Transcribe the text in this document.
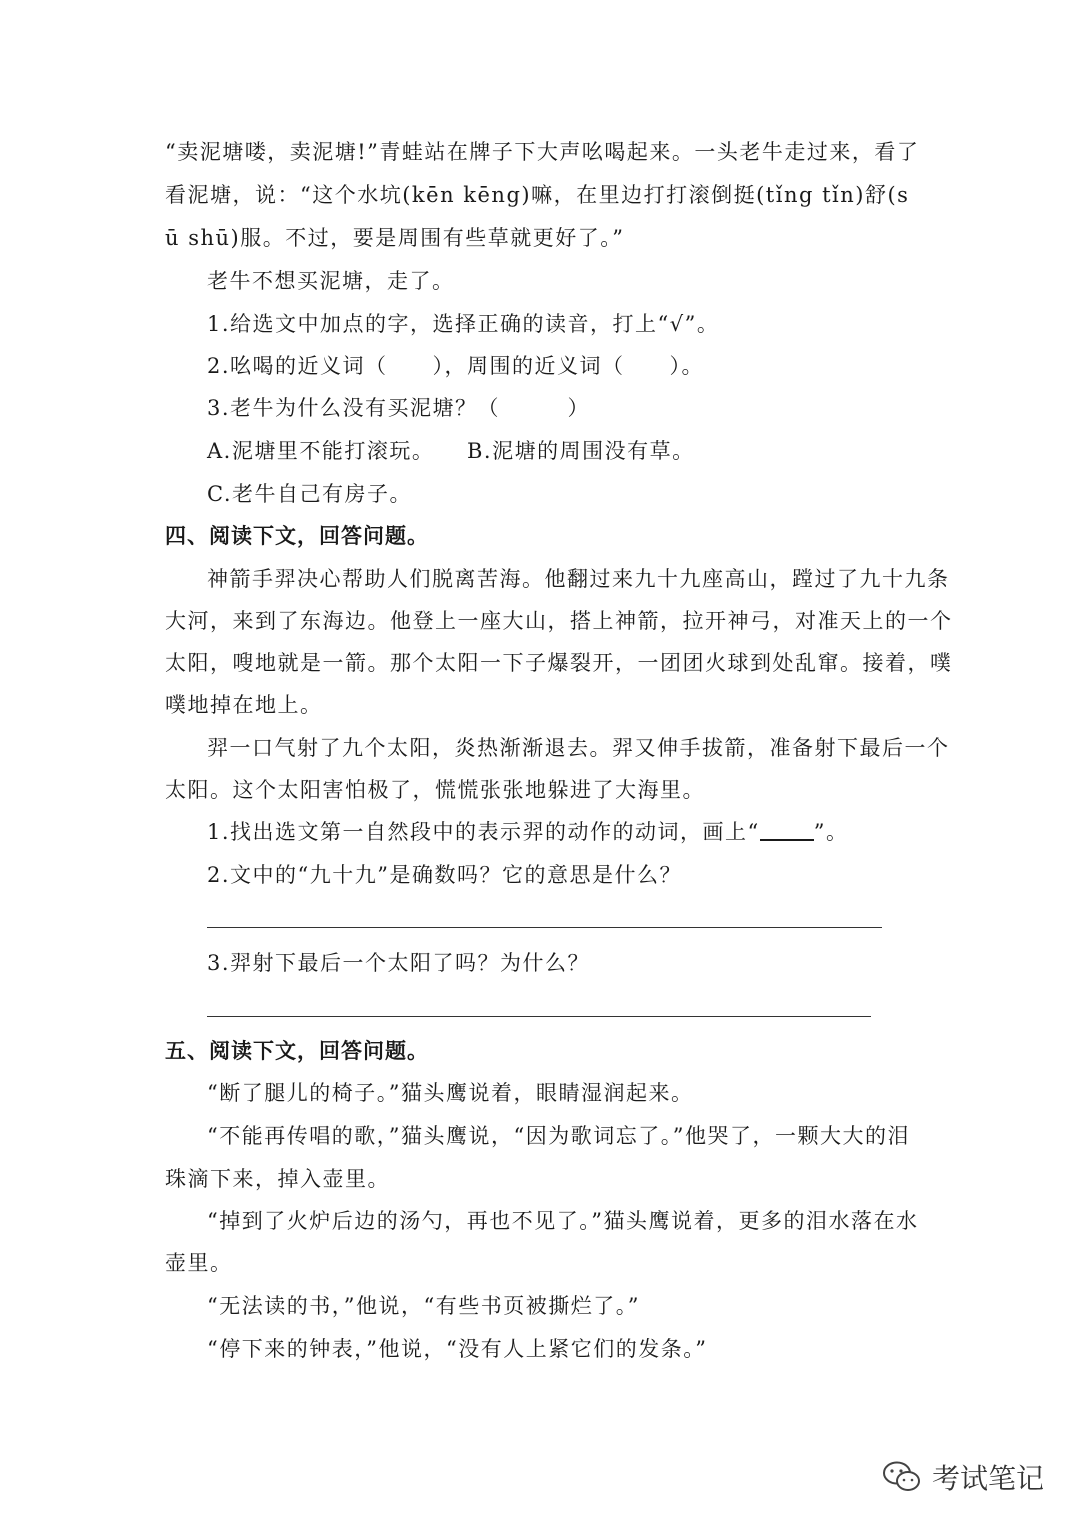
“卖泥塘喽，卖泥塘!”青蛙站在牌子下大声吆喝起来。一头老牛走过来，看了
看泥塘，说：“这个水坑(kēn kēng)嘛，在里边打打滚倒挺(tǐng tǐn)舒(s
ū shū)服。不过，要是周围有些草就更好了。”
老牛不想买泥塘，走了。
1.给选文中加点的字，选择正确的读音，打上“√”。
2.吆喝的近义词（　　），周围的近义词（　　）。
3.老牛为什么没有买泥塘？（　　　）
A.泥塘里不能打滚玩。 B.泥塘的周围没有草。
C.老牛自己有房子。
四、阅读下文，回答问题。
神箭手羿决心帮助人们脱离苦海。他翻过来九十九座高山，蹚过了九十九条
大河，来到了东海边。他登上一座大山，搭上神箭，拉开神弓，对准天上的一个
太阳，嗖地就是一箭。那个太阳一下子爆裂开，一团团火球到处乱窜。接着，噗
噗地掉在地上。
羿一口气射了九个太阳，炎热渐渐退去。羿又伸手拔箭，准备射下最后一个
太阳。这个太阳害怕极了，慌慌张张地躲进了大海里。
1.找出选文第一自然段中的表示羿的动作的动词，画上“	”。
2.文中的“九十九”是确数吗？它的意思是什么？
3.羿射下最后一个太阳了吗？为什么？
五、阅读下文，回答问题。
“断了腿儿的椅子。”猫头鹰说着，眼睛湿润起来。
“不能再传唱的歌，”猫头鹰说，“因为歌词忘了。”他哭了，一颗大大的泪
珠滴下来，掉入壶里。
“掉到了火炉后边的汤勺，再也不见了。”猫头鹰说着，更多的泪水落在水
壶里。
“无法读的书，”他说，“有些书页被撕烂了。”
“停下来的钟表，”他说，“没有人上紧它们的发条。”
考试笔记
